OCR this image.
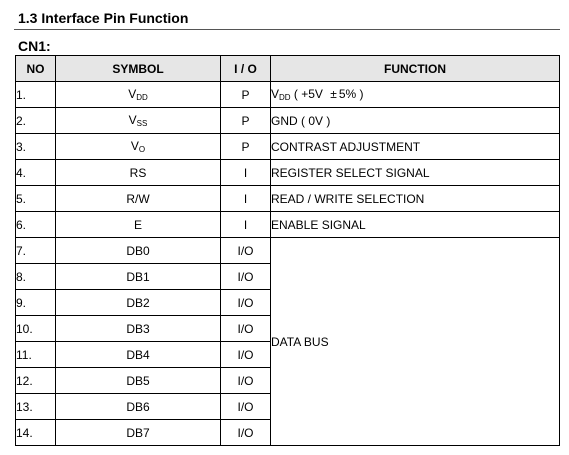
1.3 Interface Pin Function
CN1:
NO	SYMBOL	I / O	FUNCTION
1.	$V_{DD}$	P	$V_{DD}$ ( +5V ± 5% )
2.	$V_{SS}$	P	GND ( 0V )
3.	$V_O$	P	CONTRAST ADJUSTMENT
4.	RS	I	REGISTER SELECT SIGNAL
5.	R/W	I	READ / WRITE SELECTION
6.	E	I	ENABLE SIGNAL
7.	DB0	I/O	DATA BUS
8.	DB1	I/O	
9.	DB2	I/O	
10.	DB3	I/O	
11.	DB4	I/O	
12.	DB5	I/O	
13.	DB6	I/O	
14.	DB7	I/O	
